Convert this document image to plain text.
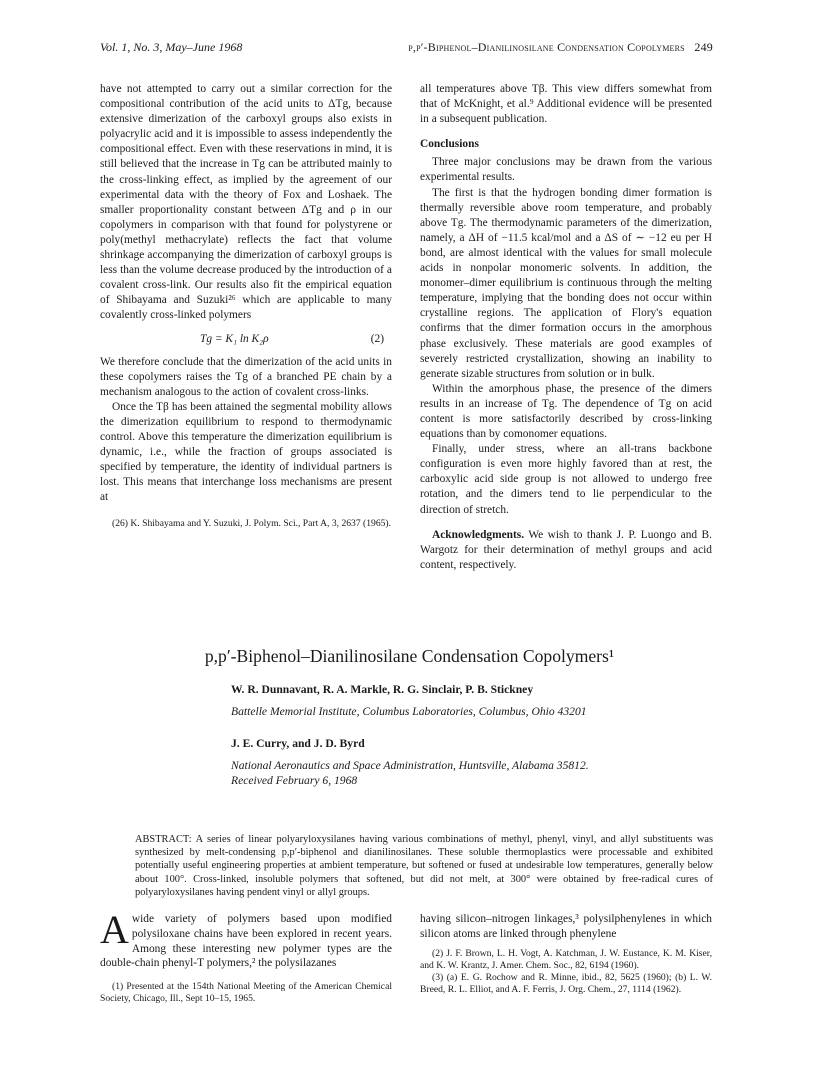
Vol. 1, No. 3, May–June 1968	p,p′-Biphenol–Dianilinosilane Condensation Copolymers 249

have not attempted to carry out a similar correction for the compositional contribution of the acid units to ΔTg, because extensive dimerization of the carboxyl groups also exists in polyacrylic acid and it is impossible to assess independently the compositional effect. Even with these reservations in mind, it is still believed that the increase in Tg can be attributed mainly to the cross-linking effect, as implied by the agreement of our experimental data with the theory of Fox and Loshaek. The smaller proportionality constant between ΔTg and ρ in our copolymers in comparison with that found for polystyrene or poly(methyl methacrylate) reflects the fact that volume shrinkage accompanying the dimerization of carboxyl groups is less than the volume decrease produced by the introduction of a covalent cross-link. Our results also fit the empirical equation of Shibayama and Suzuki²⁶ which are applicable to many covalently cross-linked polymers

Tg = K₁ ln K₂ρ	(2)

We therefore conclude that the dimerization of the acid units in these copolymers raises the Tg of a branched PE chain by a mechanism analogous to the action of covalent cross-links.

Once the Tβ has been attained the segmental mobility allows the dimerization equilibrium to respond to thermodynamic control. Above this temperature the dimerization equilibrium is dynamic, i.e., while the fraction of groups associated is specified by temperature, the identity of individual partners is lost. This means that interchange loss mechanisms are present at

(26) K. Shibayama and Y. Suzuki, J. Polym. Sci., Part A, 3, 2637 (1965).

all temperatures above Tβ. This view differs somewhat from that of McKnight, et al.⁹ Additional evidence will be presented in a subsequent publication.

Conclusions

Three major conclusions may be drawn from the various experimental results.

The first is that the hydrogen bonding dimer formation is thermally reversible above room temperature, and probably above Tg. The thermodynamic parameters of the dimerization, namely, a ΔH of −11.5 kcal/mol and a ΔS of ∼ −12 eu per H bond, are almost identical with the values for small molecule acids in nonpolar monomeric solvents. In addition, the monomer–dimer equilibrium is continuous through the melting temperature, implying that the bonding does not occur within crystalline regions. The application of Flory's equation confirms that the dimer formation occurs in the amorphous phase exclusively. These materials are good examples of severely restricted crystallization, showing an inability to generate sizable structures from solution or in bulk.

Within the amorphous phase, the presence of the dimers results in an increase of Tg. The dependence of Tg on acid content is more satisfactorily described by cross-linking equations than by comonomer equations.

Finally, under stress, where an all-trans backbone configuration is even more highly favored than at rest, the carboxylic acid side group is not allowed to undergo free rotation, and the dimers tend to lie perpendicular to the direction of stretch.

Acknowledgments. We wish to thank J. P. Luongo and B. Wargotz for their determination of methyl groups and acid content, respectively.

p,p′-Biphenol–Dianilinosilane Condensation Copolymers¹
W. R. Dunnavant, R. A. Markle, R. G. Sinclair, P. B. Stickney
Battelle Memorial Institute, Columbus Laboratories, Columbus, Ohio 43201
J. E. Curry, and J. D. Byrd
National Aeronautics and Space Administration, Huntsville, Alabama 35812.
Received February 6, 1968
ABSTRACT: A series of linear polyaryloxysilanes having various combinations of methyl, phenyl, vinyl, and allyl substituents was synthesized by melt-condensing p,p′-biphenol and dianilinosilanes. These soluble thermoplastics were processable and exhibited potentially useful engineering properties at ambient temperature, but softened or fused at undesirable low temperatures, generally below about 100°. Cross-linked, insoluble polymers that softened, but did not melt, at 300° were obtained by free-radical cures of polyaryloxysilanes having pendent vinyl or allyl groups.
A wide variety of polymers based upon modified polysiloxane chains have been explored in recent years. Among these interesting new polymer types are the double-chain phenyl-T polymers,² the polysilazanes

(1) Presented at the 154th National Meeting of the American Chemical Society, Chicago, Ill., Sept 10–15, 1965.

having silicon–nitrogen linkages,³ polysilphenylenes in which silicon atoms are linked through phenylene

(2) J. F. Brown, L. H. Vogt, A. Katchman, J. W. Eustance, K. M. Kiser, and K. W. Krantz, J. Amer. Chem. Soc., 82, 6194 (1960).

(3) (a) E. G. Rochow and R. Minne, ibid., 82, 5625 (1960); (b) L. W. Breed, R. L. Elliot, and A. F. Ferris, J. Org. Chem., 27, 1114 (1962).
